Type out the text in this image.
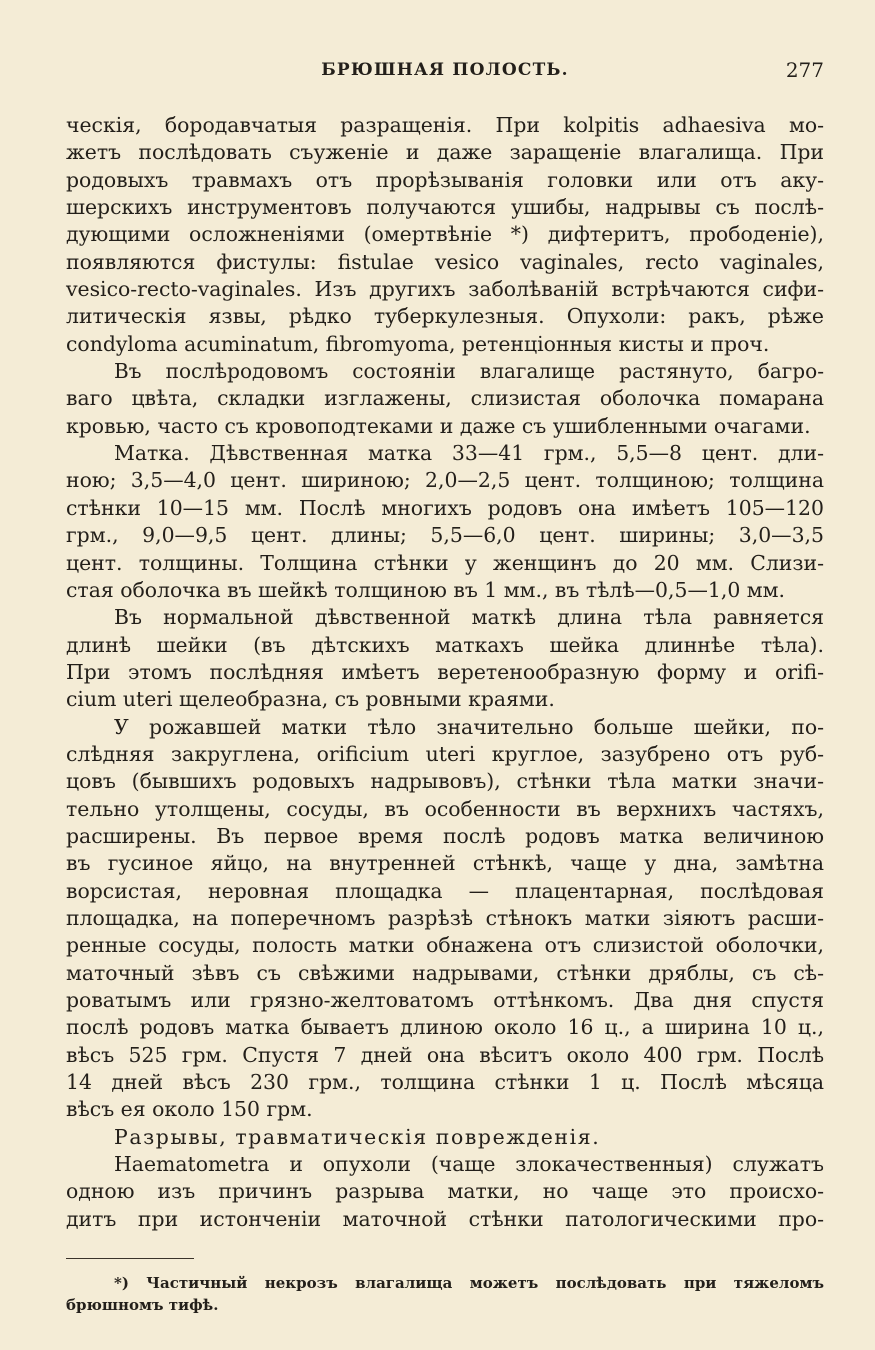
БРЮШНАЯ ПОЛОСТЬ.	277
ческія, бородавчатыя разращенія. При kolpitis adhaesiva мо-
жетъ послѣдовать съуженіе и даже заращеніе влагалища. При
родовыхъ травмахъ отъ прорѣзыванія головки или отъ аку-
шерскихъ инструментовъ получаются ушибы, надрывы съ послѣ-
дующими осложненіями (омертвѣніе *) дифтеритъ, прободеніе),
появляются фистулы: fistulae vesico vaginales, recto vaginales,
vesico-recto-vaginales. Изъ другихъ заболѣваній встрѣчаются сифи-
литическія язвы, рѣдко туберкулезныя. Опухоли: ракъ, рѣже
condyloma acuminatum, fibromyoma, ретенціонныя кисты и проч.
Въ послѣродовомъ состояніи влагалище растянуто, багро-
ваго цвѣта, складки изглажены, слизистая оболочка помарана
кровью, часто съ кровоподтеками и даже съ ушибленными очагами.
Матка. Дѣвственная матка 33—41 грм., 5,5—8 цент. дли-
ною; 3,5—4,0 цент. шириною; 2,0—2,5 цент. толщиною; толщина
стѣнки 10—15 мм. Послѣ многихъ родовъ она имѣетъ 105—120
грм., 9,0—9,5 цент. длины; 5,5—6,0 цент. ширины; 3,0—3,5
цент. толщины. Толщина стѣнки у женщинъ до 20 мм. Слизи-
стая оболочка въ шейкѣ толщиною въ 1 мм., въ тѣлѣ—0,5—1,0 мм.
Въ нормальной дѣвственной маткѣ длина тѣла равняется
длинѣ шейки (въ дѣтскихъ маткахъ шейка длиннѣе тѣла).
При этомъ послѣдняя имѣетъ веретенообразную форму и orifi-
cium uteri щелеобразна, съ ровными краями.
У рожавшей матки тѣло значительно больше шейки, по-
слѣдняя закруглена, orificium uteri круглое, зазубрено отъ руб-
цовъ (бывшихъ родовыхъ надрывовъ), стѣнки тѣла матки значи-
тельно утолщены, сосуды, въ особенности въ верхнихъ частяхъ,
расширены. Въ первое время послѣ родовъ матка величиною
въ гусиное яйцо, на внутренней стѣнкѣ, чаще у дна, замѣтна
ворсистая, неровная площадка — плацентарная, послѣдовая
площадка, на поперечномъ разрѣзѣ стѣнокъ матки зіяютъ расши-
ренные сосуды, полость матки обнажена отъ слизистой оболочки,
маточный зѣвъ съ свѣжими надрывами, стѣнки дряблы, съ сѣ-
роватымъ или грязно-желтоватомъ оттѣнкомъ. Два дня спустя
послѣ родовъ матка бываетъ длиною около 16 ц., а ширина 10 ц.,
вѣсъ 525 грм. Спустя 7 дней она вѣситъ около 400 грм. Послѣ
14 дней вѣсъ 230 грм., толщина стѣнки 1 ц. Послѣ мѣсяца
вѣсъ ея около 150 грм.
Разрывы, травматическія поврежденія.
Haematometra и опухоли (чаще злокачественныя) служатъ
одною изъ причинъ разрыва матки, но чаще это происхо-
дитъ при истонченіи маточной стѣнки патологическими про-
*) Частичный некрозъ влагалища можетъ послѣдовать при тяжеломъ
брюшномъ тифѣ.
